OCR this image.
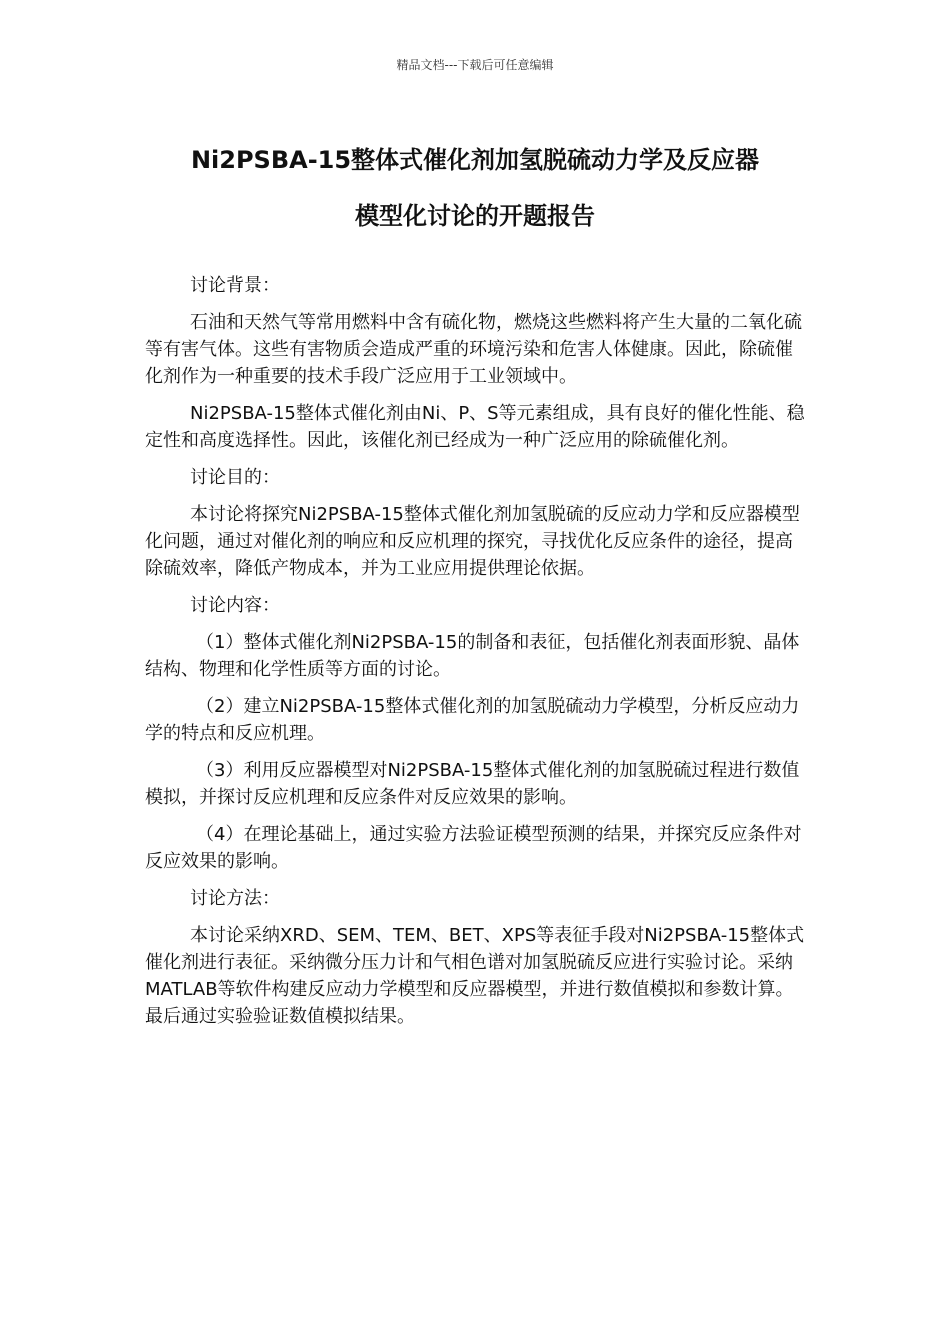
精品文档---下载后可任意编辑
Ni2PSBA-15整体式催化剂加氢脱硫动力学及反应器
模型化讨论的开题报告

讨论背景：

石油和天然气等常用燃料中含有硫化物，燃烧这些燃料将产生大量的二氧化硫等有害气体。这些有害物质会造成严重的环境污染和危害人体健康。因此，除硫催化剂作为一种重要的技术手段广泛应用于工业领域中。

Ni2PSBA-15整体式催化剂由Ni、P、S等元素组成，具有良好的催化性能、稳定性和高度选择性。因此，该催化剂已经成为一种广泛应用的除硫催化剂。

讨论目的：

本讨论将探究Ni2PSBA-15整体式催化剂加氢脱硫的反应动力学和反应器模型化问题，通过对催化剂的响应和反应机理的探究，寻找优化反应条件的途径，提高除硫效率，降低产物成本，并为工业应用提供理论依据。

讨论内容：

（1）整体式催化剂Ni2PSBA-15的制备和表征，包括催化剂表面形貌、晶体结构、物理和化学性质等方面的讨论。

（2）建立Ni2PSBA-15整体式催化剂的加氢脱硫动力学模型，分析反应动力学的特点和反应机理。

（3）利用反应器模型对Ni2PSBA-15整体式催化剂的加氢脱硫过程进行数值模拟，并探讨反应机理和反应条件对反应效果的影响。

（4）在理论基础上，通过实验方法验证模型预测的结果，并探究反应条件对反应效果的影响。

讨论方法：

本讨论采纳XRD、SEM、TEM、BET、XPS等表征手段对Ni2PSBA-15整体式催化剂进行表征。采纳微分压力计和气相色谱对加氢脱硫反应进行实验讨论。采纳MATLAB等软件构建反应动力学模型和反应器模型，并进行数值模拟和参数计算。最后通过实验验证数值模拟结果。
